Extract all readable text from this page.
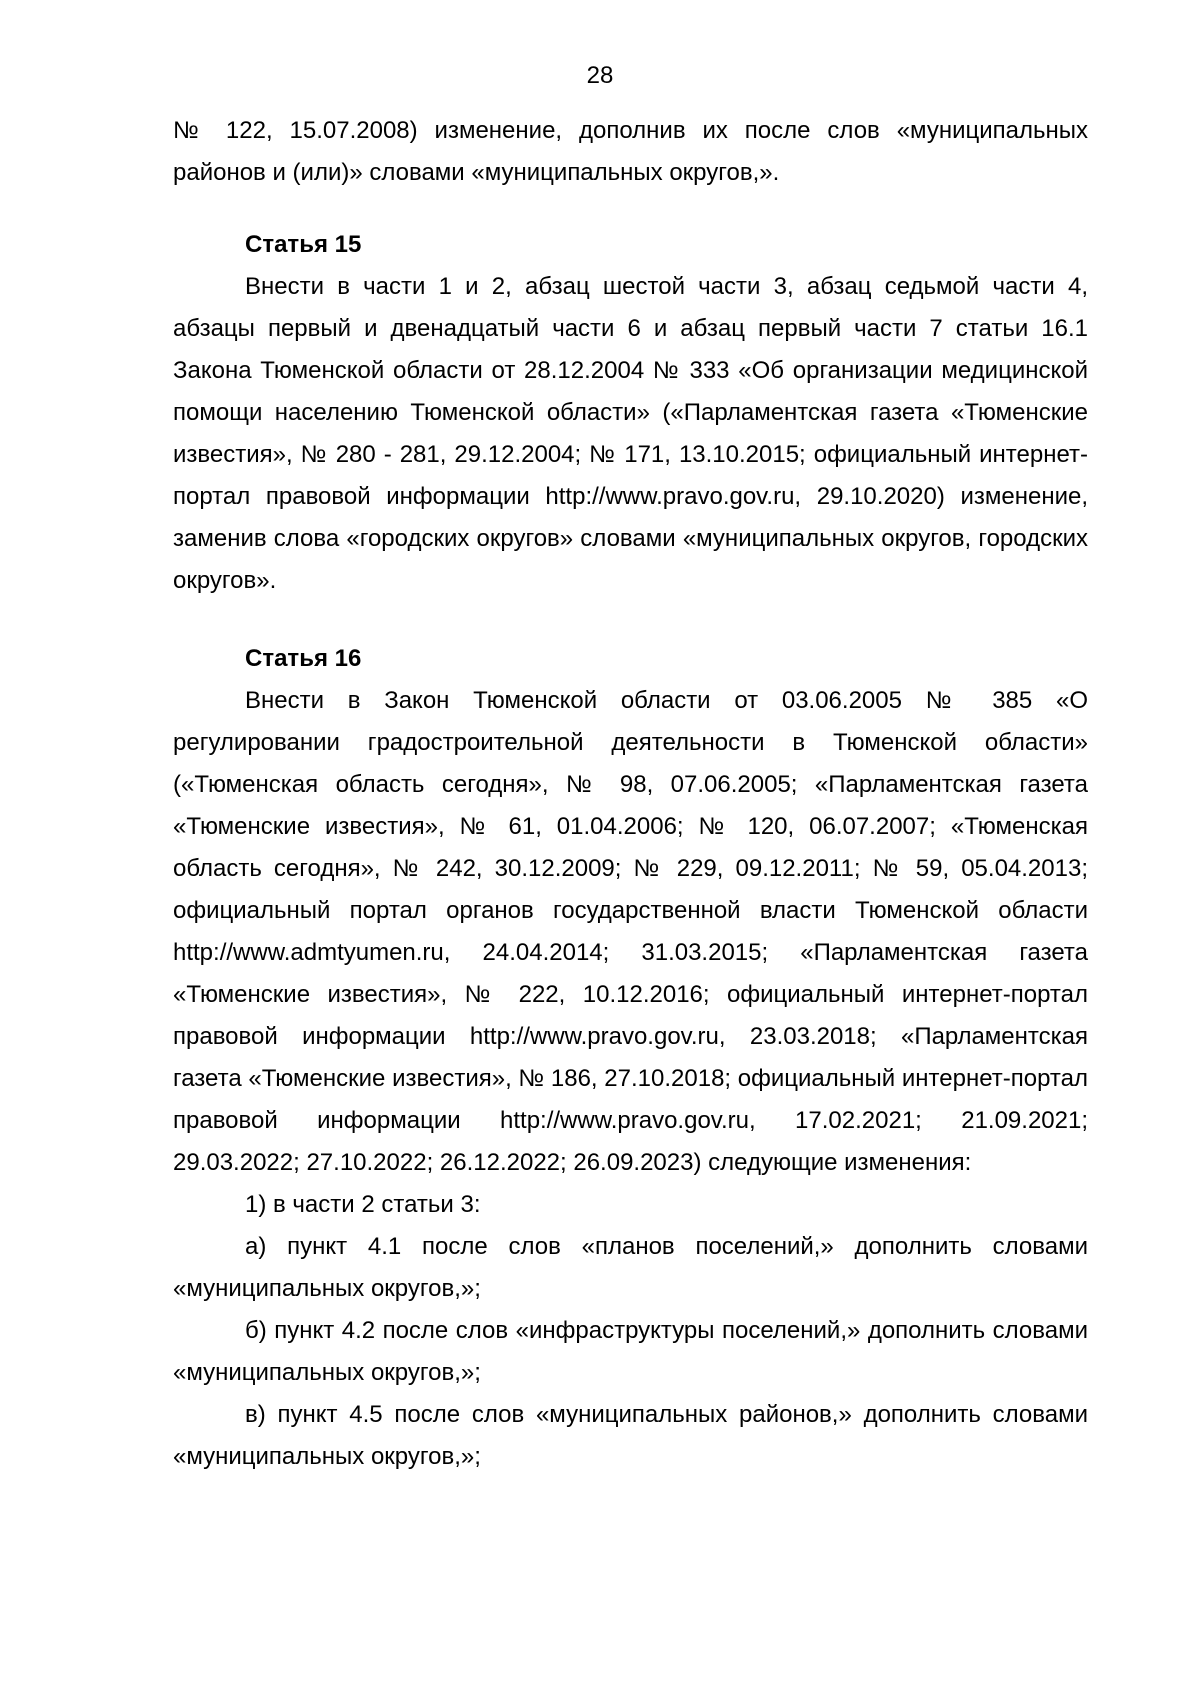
28

№ 122, 15.07.2008) изменение, дополнив их после слов «муниципальных районов и (или)» словами «муниципальных округов,».

Статья 15

Внести в части 1 и 2, абзац шестой части 3, абзац седьмой части 4, абзацы первый и двенадцатый части 6 и абзац первый части 7 статьи 16.1 Закона Тюменской области от 28.12.2004 № 333 «Об организации медицинской помощи населению Тюменской области» («Парламентская газета «Тюменские известия», № 280 - 281, 29.12.2004; № 171, 13.10.2015; официальный интернет-портал правовой информации http://www.pravo.gov.ru, 29.10.2020) изменение, заменив слова «городских округов» словами «муниципальных округов, городских округов».

Статья 16

Внести в Закон Тюменской области от 03.06.2005 № 385 «О регулировании градостроительной деятельности в Тюменской области» («Тюменская область сегодня», № 98, 07.06.2005; «Парламентская газета «Тюменские известия», № 61, 01.04.2006; № 120, 06.07.2007; «Тюменская область сегодня», № 242, 30.12.2009; № 229, 09.12.2011; № 59, 05.04.2013; официальный портал органов государственной власти Тюменской области http://www.admtyumen.ru, 24.04.2014; 31.03.2015; «Парламентская газета «Тюменские известия», № 222, 10.12.2016; официальный интернет-портал правовой информации http://www.pravo.gov.ru, 23.03.2018; «Парламентская газета «Тюменские известия», № 186, 27.10.2018; официальный интернет-портал правовой информации http://www.pravo.gov.ru, 17.02.2021; 21.09.2021; 29.03.2022; 27.10.2022; 26.12.2022; 26.09.2023) следующие изменения:

1) в части 2 статьи 3:

а) пункт 4.1 после слов «планов поселений,» дополнить словами «муниципальных округов,»;

б) пункт 4.2 после слов «инфраструктуры поселений,» дополнить словами «муниципальных округов,»;

в) пункт 4.5 после слов «муниципальных районов,» дополнить словами «муниципальных округов,»;
